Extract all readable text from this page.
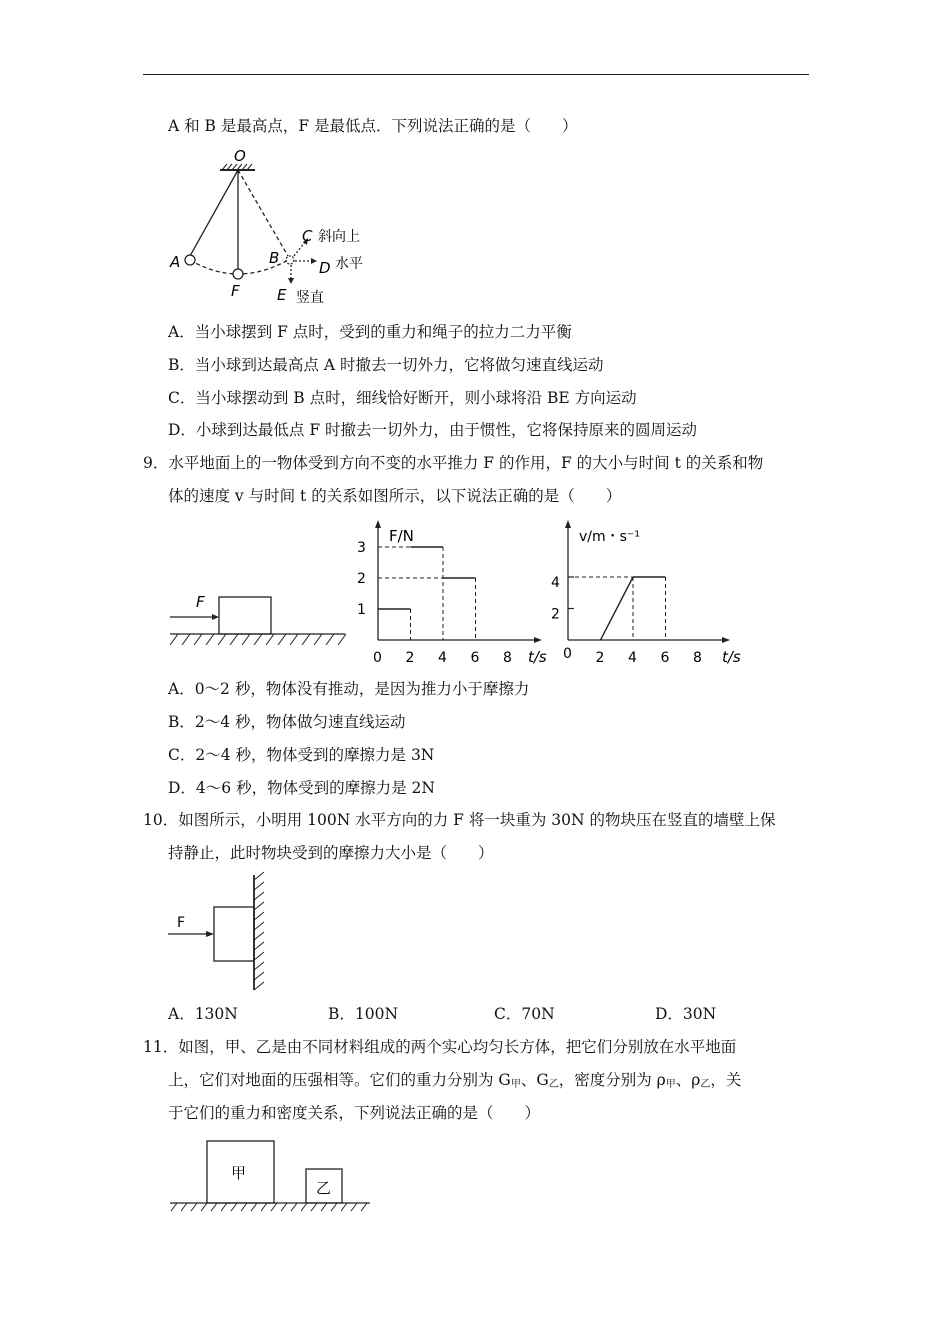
A 和 B 是最高点，F 是最低点．下列说法正确的是（　　）
O
A
F
B
C 斜向上
D 水平
E 竖直
A．当小球摆到 F 点时，受到的重力和绳子的拉力二力平衡
B．当小球到达最高点 A 时撤去一切外力，它将做匀速直线运动
C．当小球摆动到 B 点时，细线恰好断开，则小球将沿 BE 方向运动
D．小球到达最低点 F 时撤去一切外力，由于惯性，它将保持原来的圆周运动
9．水平地面上的一物体受到方向不变的水平推力 F 的作用，F 的大小与时间 t 的关系和物
体的速度 v 与时间 t 的关系如图所示，以下说法正确的是（　　）
F
F/N
t/s
0 2 4 6 8
1
2
3
v/m・s⁻¹
t/s
0 2 4 6 8
2
4
A．0～2 秒，物体没有推动，是因为推力小于摩擦力
B．2～4 秒，物体做匀速直线运动
C．2～4 秒，物体受到的摩擦力是 3N
D．4～6 秒，物体受到的摩擦力是 2N
10．如图所示，小明用 100N 水平方向的力 F 将一块重为 30N 的物块压在竖直的墙壁上保
持静止，此时物块受到的摩擦力大小是（　　）
F
A．130N	B．100N	C．70N	D．30N
11．如图，甲、乙是由不同材料组成的两个实心均匀长方体，把它们分别放在水平地面
上，它们对地面的压强相等。它们的重力分别为 $G_甲$、$G_乙$，密度分别为 $\rho_甲$、$\rho_乙$，关
于它们的重力和密度关系，下列说法正确的是（　　）
甲
乙
